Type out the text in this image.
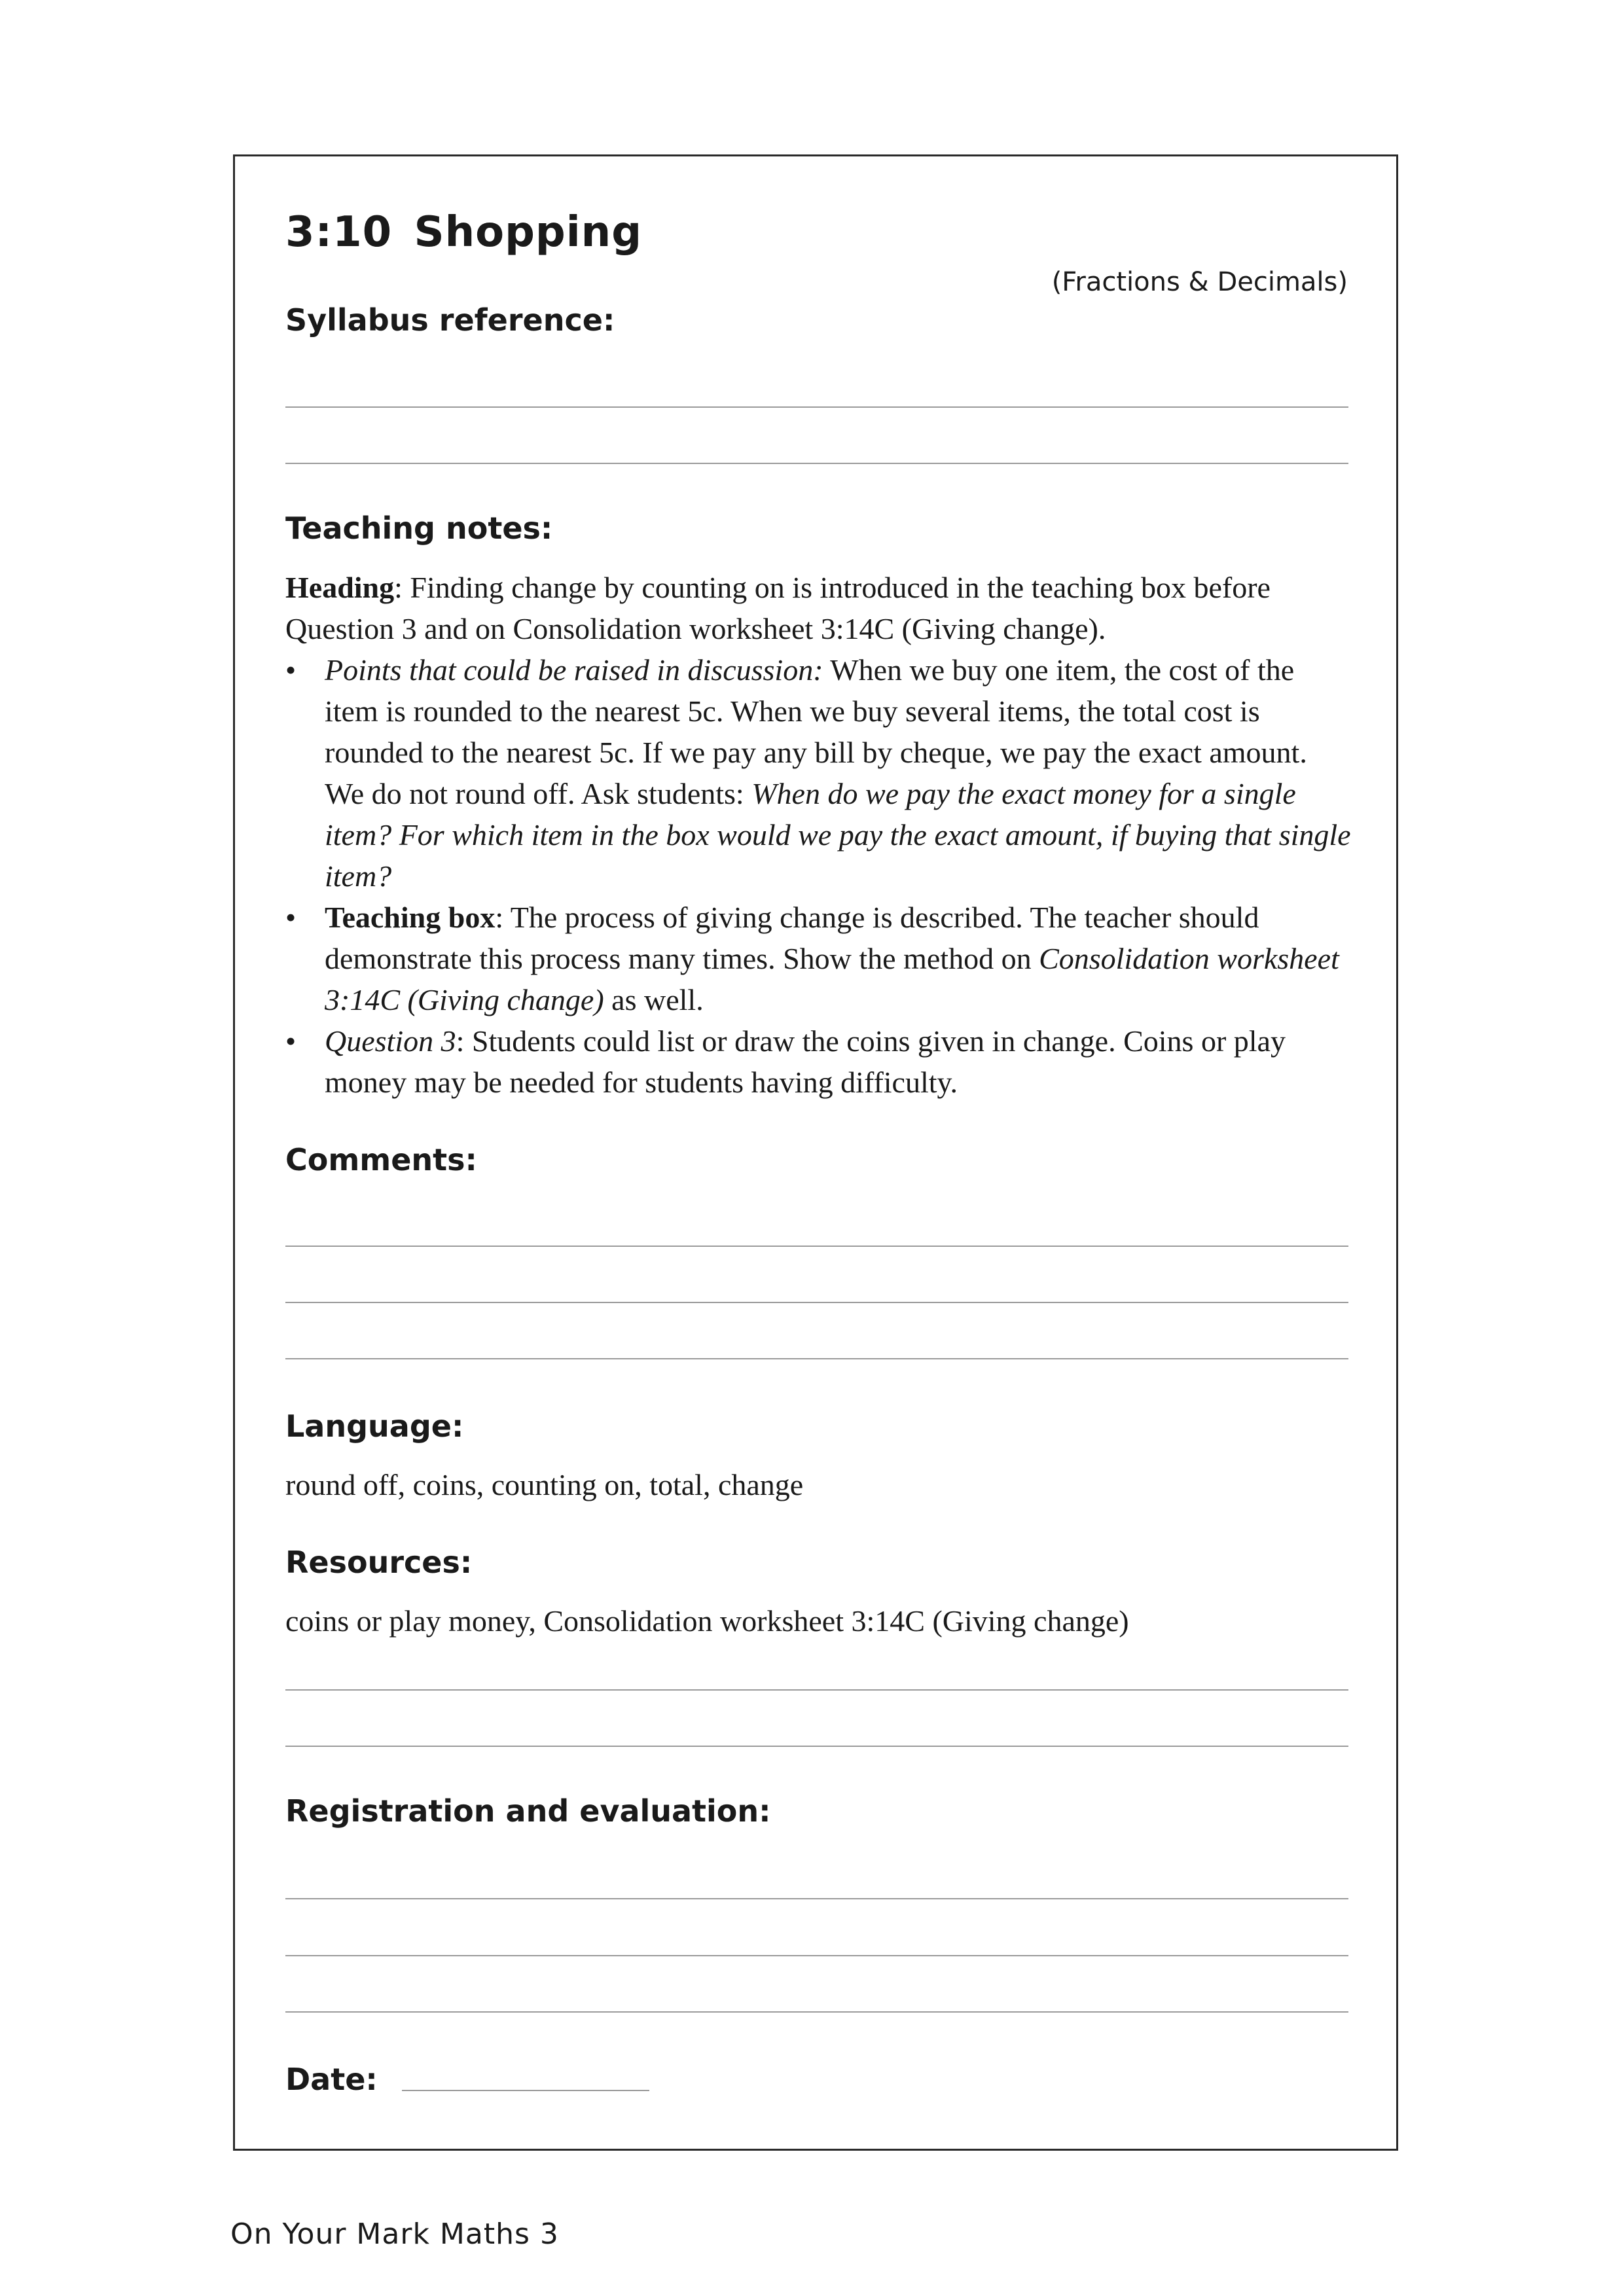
3:10 Shopping
(Fractions & Decimals)
Syllabus reference:
Teaching notes:

Heading: Finding change by counting on is introduced in the teaching box before Question 3 and on Consolidation worksheet 3:14C (Giving change).

• Points that could be raised in discussion: When we buy one item, the cost of the item is rounded to the nearest 5c. When we buy several items, the total cost is rounded to the nearest 5c. If we pay any bill by cheque, we pay the exact amount. We do not round off. Ask students: When do we pay the exact money for a single item? For which item in the box would we pay the exact amount, if buying that single item?
• Teaching box: The process of giving change is described. The teacher should demonstrate this process many times. Show the method on Consolidation worksheet 3:14C (Giving change) as well.
• Question 3: Students could list or draw the coins given in change. Coins or play money may be needed for students having difficulty.
Comments:
Language:
round off, coins, counting on, total, change
Resources:
coins or play money, Consolidation worksheet 3:14C (Giving change)
Registration and evaluation:
Date:
On Your Mark Maths 3
